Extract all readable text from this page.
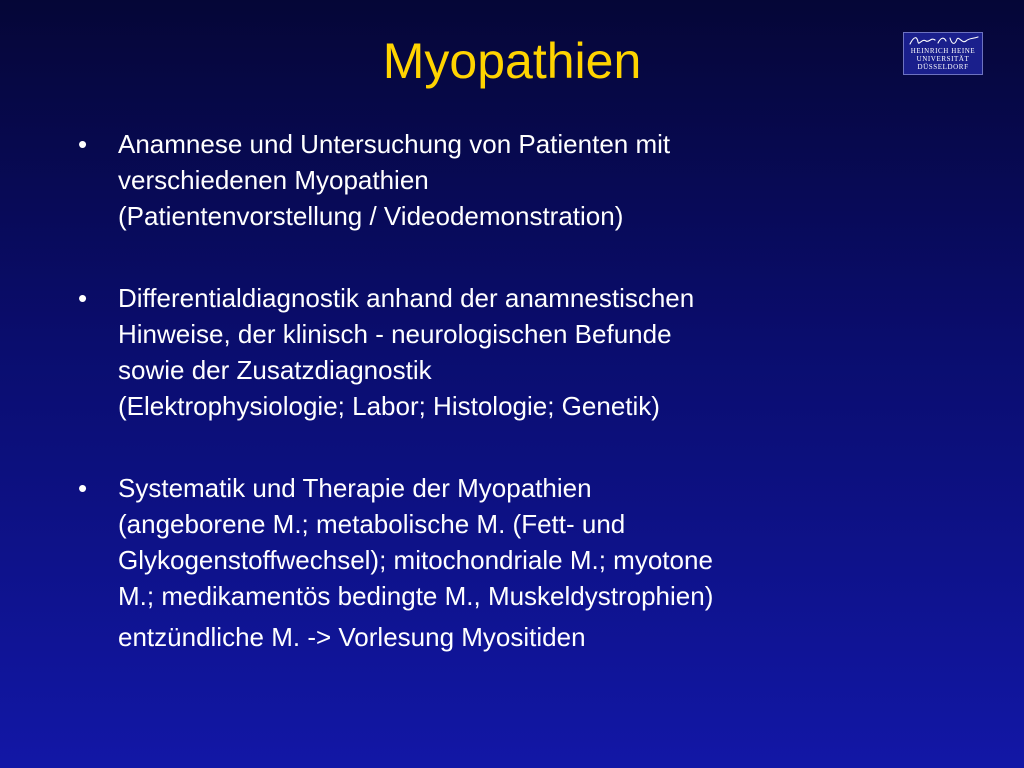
Myopathien	HEINRICH HEINE
UNIVERSITÄT
DÜSSELDORF
•	Anamnese und Untersuchung von Patienten mit
verschiedenen Myopathien
(Patientenvorstellung / Videodemonstration)
•	Differentialdiagnostik anhand der anamnestischen
Hinweise, der klinisch - neurologischen Befunde
sowie der Zusatzdiagnostik
(Elektrophysiologie; Labor; Histologie; Genetik)
•	Systematik und Therapie der Myopathien
(angeborene M.; metabolische M. (Fett- und
Glykogenstoffwechsel); mitochondriale M.; myotone
M.; medikamentös bedingte M., Muskeldystrophien)
entzündliche M. -> Vorlesung Myositiden
